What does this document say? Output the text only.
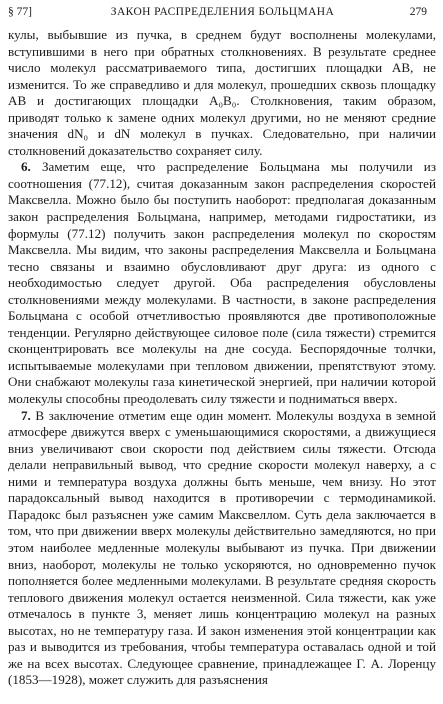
§ 77]	ЗАКОН РАСПРЕДЕЛЕНИЯ БОЛЬЦМАНА	279

кулы, выбывшие из пучка, в среднем будут восполнены молекулами, вступившими в него при обратных столкновениях. В результате среднее число молекул рассматриваемого типа, достигших площадки AB, не изменится. То же справедливо и для молекул, прошедших сквозь площадку AB и достигающих площадки A₀B₀. Столкновения, таким образом, приводят только к замене одних молекул другими, но не меняют средние значения dN₀ и dN молекул в пучках. Следовательно, при наличии столкновений доказательство сохраняет силу.

6. Заметим еще, что распределение Больцмана мы получили из соотношения (77.12), считая доказанным закон распределения скоростей Максвелла. Можно было бы поступить наоборот: предполагая доказанным закон распределения Больцмана, например, методами гидростатики, из формулы (77.12) получить закон распределения молекул по скоростям Максвелла. Мы видим, что законы распределения Максвелла и Больцмана тесно связаны и взаимно обусловливают друг друга: из одного с необходимостью следует другой. Оба распределения обусловлены столкновениями между молекулами. В частности, в законе распределения Больцмана с особой отчетливостью проявляются две противоположные тенденции. Регулярно действующее силовое поле (сила тяжести) стремится сконцентрировать все молекулы на дне сосуда. Беспорядочные толчки, испытываемые молекулами при тепловом движении, препятствуют этому. Они снабжают молекулы газа кинетической энергией, при наличии которой молекулы способны преодолевать силу тяжести и подниматься вверх.

7. В заключение отметим еще один момент. Молекулы воздуха в земной атмосфере движутся вверх с уменьшающимися скоростями, а движущиеся вниз увеличивают свои скорости под действием силы тяжести. Отсюда делали неправильный вывод, что средние скорости молекул наверху, а с ними и температура воздуха должны быть меньше, чем внизу. Но этот парадоксальный вывод находится в противоречии с термодинамикой. Парадокс был разъяснен уже самим Максвеллом. Суть дела заключается в том, что при движении вверх молекулы действительно замедляются, но при этом наиболее медленные молекулы выбывают из пучка. При движении вниз, наоборот, молекулы не только ускоряются, но одновременно пучок пополняется более медленными молекулами. В результате средняя скорость теплового движения молекул остается неизменной. Сила тяжести, как уже отмечалось в пункте 3, меняет лишь концентрацию молекул на разных высотах, но не температуру газа. И закон изменения этой концентрации как раз и выводится из требования, чтобы температура оставалась одной и той же на всех высотах. Следующее сравнение, принадлежащее Г. А. Лоренцу (1853—1928), может служить для разъяснения
